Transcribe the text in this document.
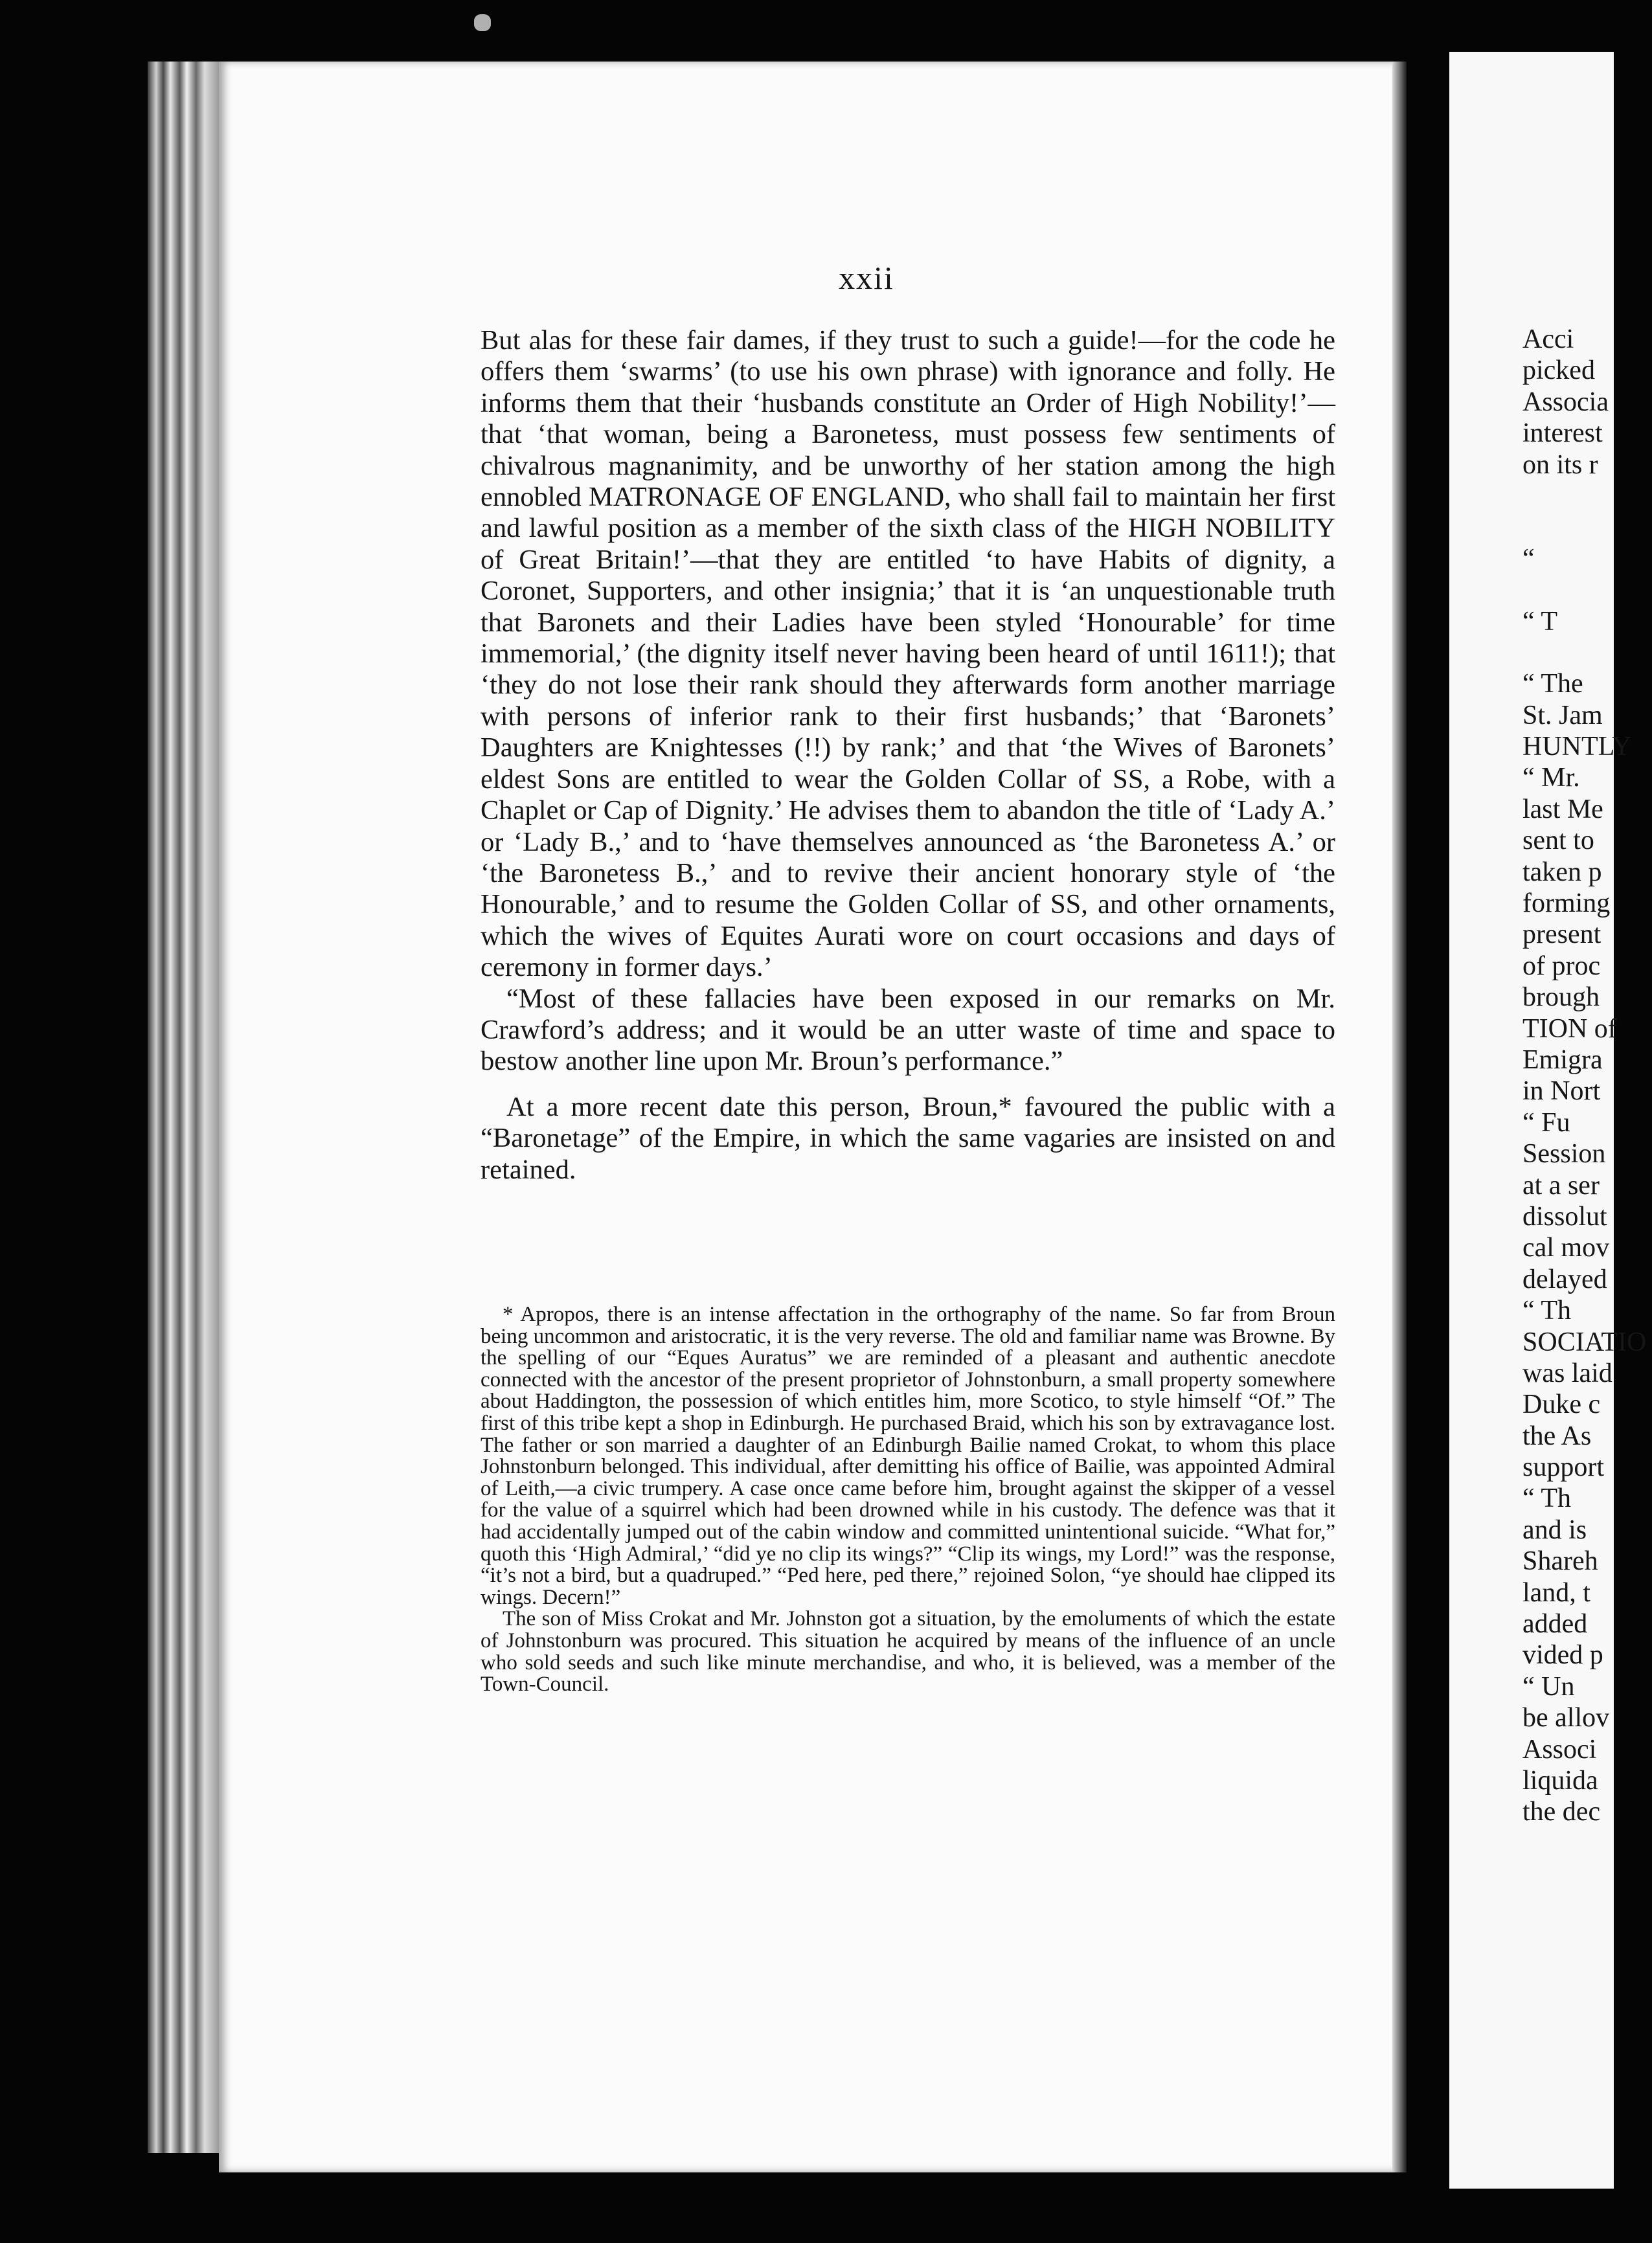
Acci
picked
Associa
interest
on its r
“
“ T
“ The
St. Jam
HUNTLY
“ Mr.
last Me
sent to
taken p
forming
present
of proc
brough
TION of
Emigra
in Nort
“ Fu
Session
at a ser
dissolut
cal mov
delayed
“ Th
SOCIATIO
was laid
Duke c
the As
support
“ Th
and is
Shareh
land, t
added
vided p
“ Un
be allov
Associ
liquida
the dec
xxii

But alas for these fair dames, if they trust to such a guide!—for the code he offers them ‘swarms’ (to use his own phrase) with ignorance and folly. He informs them that their ‘husbands constitute an Order of High Nobility!’—that ‘that woman, being a Baronetess, must possess few sentiments of chivalrous magnanimity, and be unworthy of her station among the high ennobled MATRONAGE OF ENGLAND, who shall fail to maintain her first and lawful position as a member of the sixth class of the HIGH NOBILITY of Great Britain!’—that they are entitled ‘to have Habits of dignity, a Coronet, Supporters, and other insignia;’ that it is ‘an unquestionable truth that Baronets and their Ladies have been styled ‘Honourable’ for time immemorial,’ (the dignity itself never having been heard of until 1611!); that ‘they do not lose their rank should they afterwards form another marriage with persons of inferior rank to their first husbands;’ that ‘Baronets’ Daughters are Knightesses (!!) by rank;’ and that ‘the Wives of Baronets’ eldest Sons are entitled to wear the Golden Collar of SS, a Robe, with a Chaplet or Cap of Dignity.’ He advises them to abandon the title of ‘Lady A.’ or ‘Lady B.,’ and to ‘have themselves announced as ‘the Baronetess A.’ or ‘the Baronetess B.,’ and to revive their ancient honorary style of ‘the Honourable,’ and to resume the Golden Collar of SS, and other ornaments, which the wives of Equites Aurati wore on court occasions and days of ceremony in former days.’

“Most of these fallacies have been exposed in our remarks on Mr. Crawford’s address; and it would be an utter waste of time and space to bestow another line upon Mr. Broun’s performance.”

At a more recent date this person, Broun,* favoured the public with a “Baronetage” of the Empire, in which the same vagaries are insisted on and retained.

* Apropos, there is an intense affectation in the orthography of the name. So far from Broun being uncommon and aristocratic, it is the very reverse. The old and familiar name was Browne. By the spelling of our “Eques Auratus” we are reminded of a pleasant and authentic anecdote connected with the ancestor of the present proprietor of Johnstonburn, a small property somewhere about Haddington, the possession of which entitles him, more Scotico, to style himself “Of.” The first of this tribe kept a shop in Edinburgh. He purchased Braid, which his son by extravagance lost. The father or son married a daughter of an Edinburgh Bailie named Crokat, to whom this place Johnstonburn belonged. This individual, after demitting his office of Bailie, was appointed Admiral of Leith,—a civic trumpery. A case once came before him, brought against the skipper of a vessel for the value of a squirrel which had been drowned while in his custody. The defence was that it had accidentally jumped out of the cabin window and committed unintentional suicide. “What for,” quoth this ‘High Admiral,’ “did ye no clip its wings?” “Clip its wings, my Lord!” was the response, “it’s not a bird, but a quadruped.” “Ped here, ped there,” rejoined Solon, “ye should hae clipped its wings. Decern!”

The son of Miss Crokat and Mr. Johnston got a situation, by the emoluments of which the estate of Johnstonburn was procured. This situation he acquired by means of the influence of an uncle who sold seeds and such like minute merchandise, and who, it is believed, was a member of the Town-Council.
